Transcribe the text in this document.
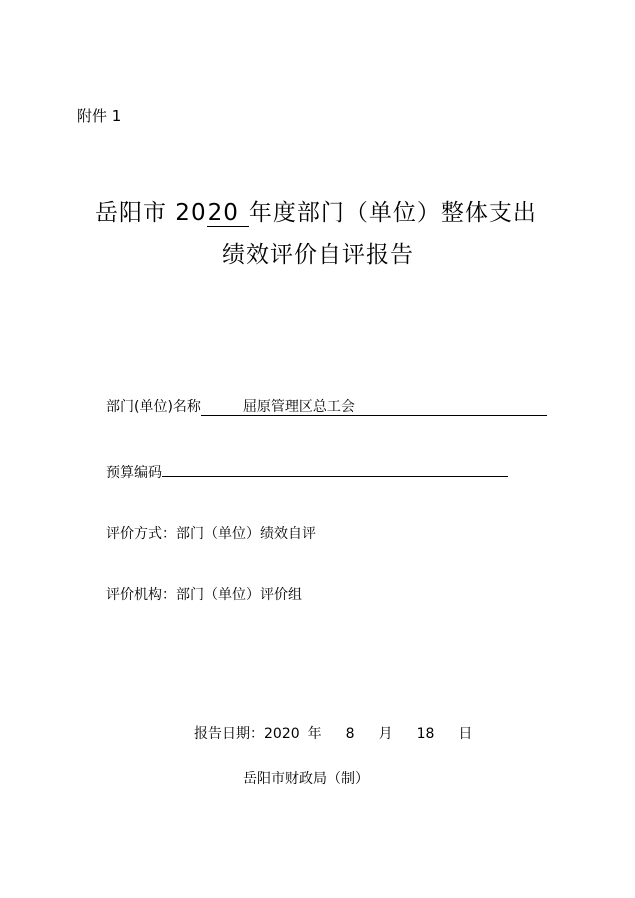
附件 1
岳阳市 2020 年度部门（单位）整体支出
绩效评价自评报告
部门(单位)名称	屈原管理区总工会
预算编码
评价方式：部门（单位）绩效自评
评价机构：部门（单位）评价组
报告日期：2020 年 8 月 18 日
岳阳市财政局（制）
